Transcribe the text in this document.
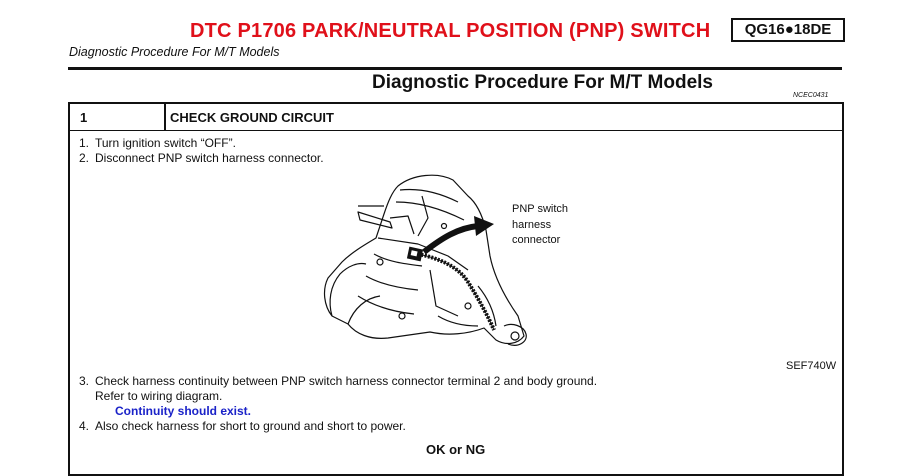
DTC P1706 PARK/NEUTRAL POSITION (PNP) SWITCH	QG16●18DE
Diagnostic Procedure For M/T Models
Diagnostic Procedure For M/T Models
NCEC0431
1	CHECK GROUND CIRCUIT
1. Turn ignition switch “OFF”.
2. Disconnect PNP switch harness connector.
PNP switch
harness
connector
SEF740W
3. Check harness continuity between PNP switch harness connector terminal 2 and body ground.
Refer to wiring diagram.
Continuity should exist.
4. Also check harness for short to ground and short to power.
OK or NG
